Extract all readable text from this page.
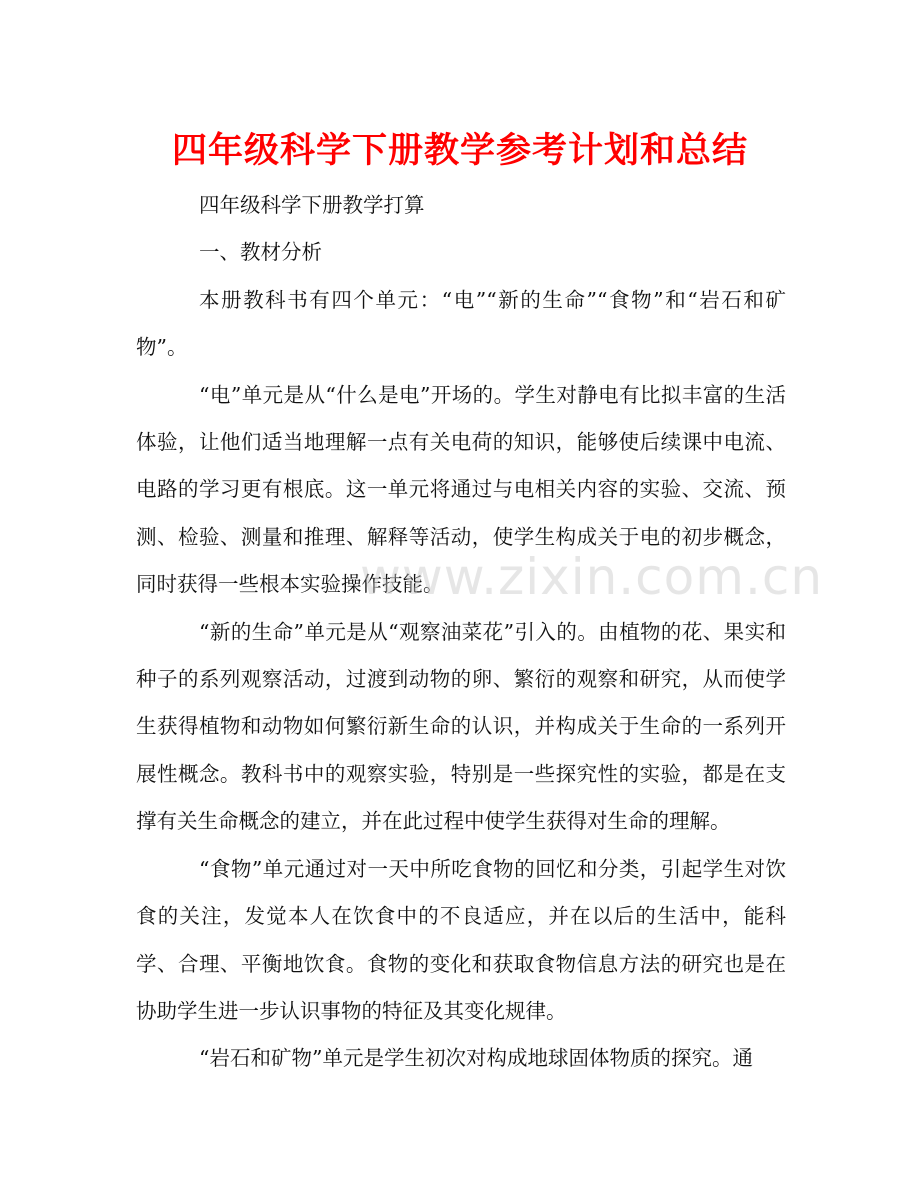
四年级科学下册教学参考计划和总结

四年级科学下册教学打算

一、教材分析

本册教科书有四个单元：“电”“新的生命”“食物”和“岩石和矿物”。

“电”单元是从“什么是电”开场的。学生对静电有比拟丰富的生活体验，让他们适当地理解一点有关电荷的知识，能够使后续课中电流、电路的学习更有根底。这一单元将通过与电相关内容的实验、交流、预测、检验、测量和推理、解释等活动，使学生构成关于电的初步概念，同时获得一些根本实验操作技能。

“新的生命”单元是从“观察油菜花”引入的。由植物的花、果实和种子的系列观察活动，过渡到动物的卵、繁衍的观察和研究，从而使学生获得植物和动物如何繁衍新生命的认识，并构成关于生命的一系列开展性概念。教科书中的观察实验，特别是一些探究性的实验，都是在支撑有关生命概念的建立，并在此过程中使学生获得对生命的理解。

“食物”单元通过对一天中所吃食物的回忆和分类，引起学生对饮食的关注，发觉本人在饮食中的不良适应，并在以后的生活中，能科学、合理、平衡地饮食。食物的变化和获取食物信息方法的研究也是在协助学生进一步认识事物的特征及其变化规律。

“岩石和矿物”单元是学生初次对构成地球固体物质的探究。通

www.zixin.com.cn
